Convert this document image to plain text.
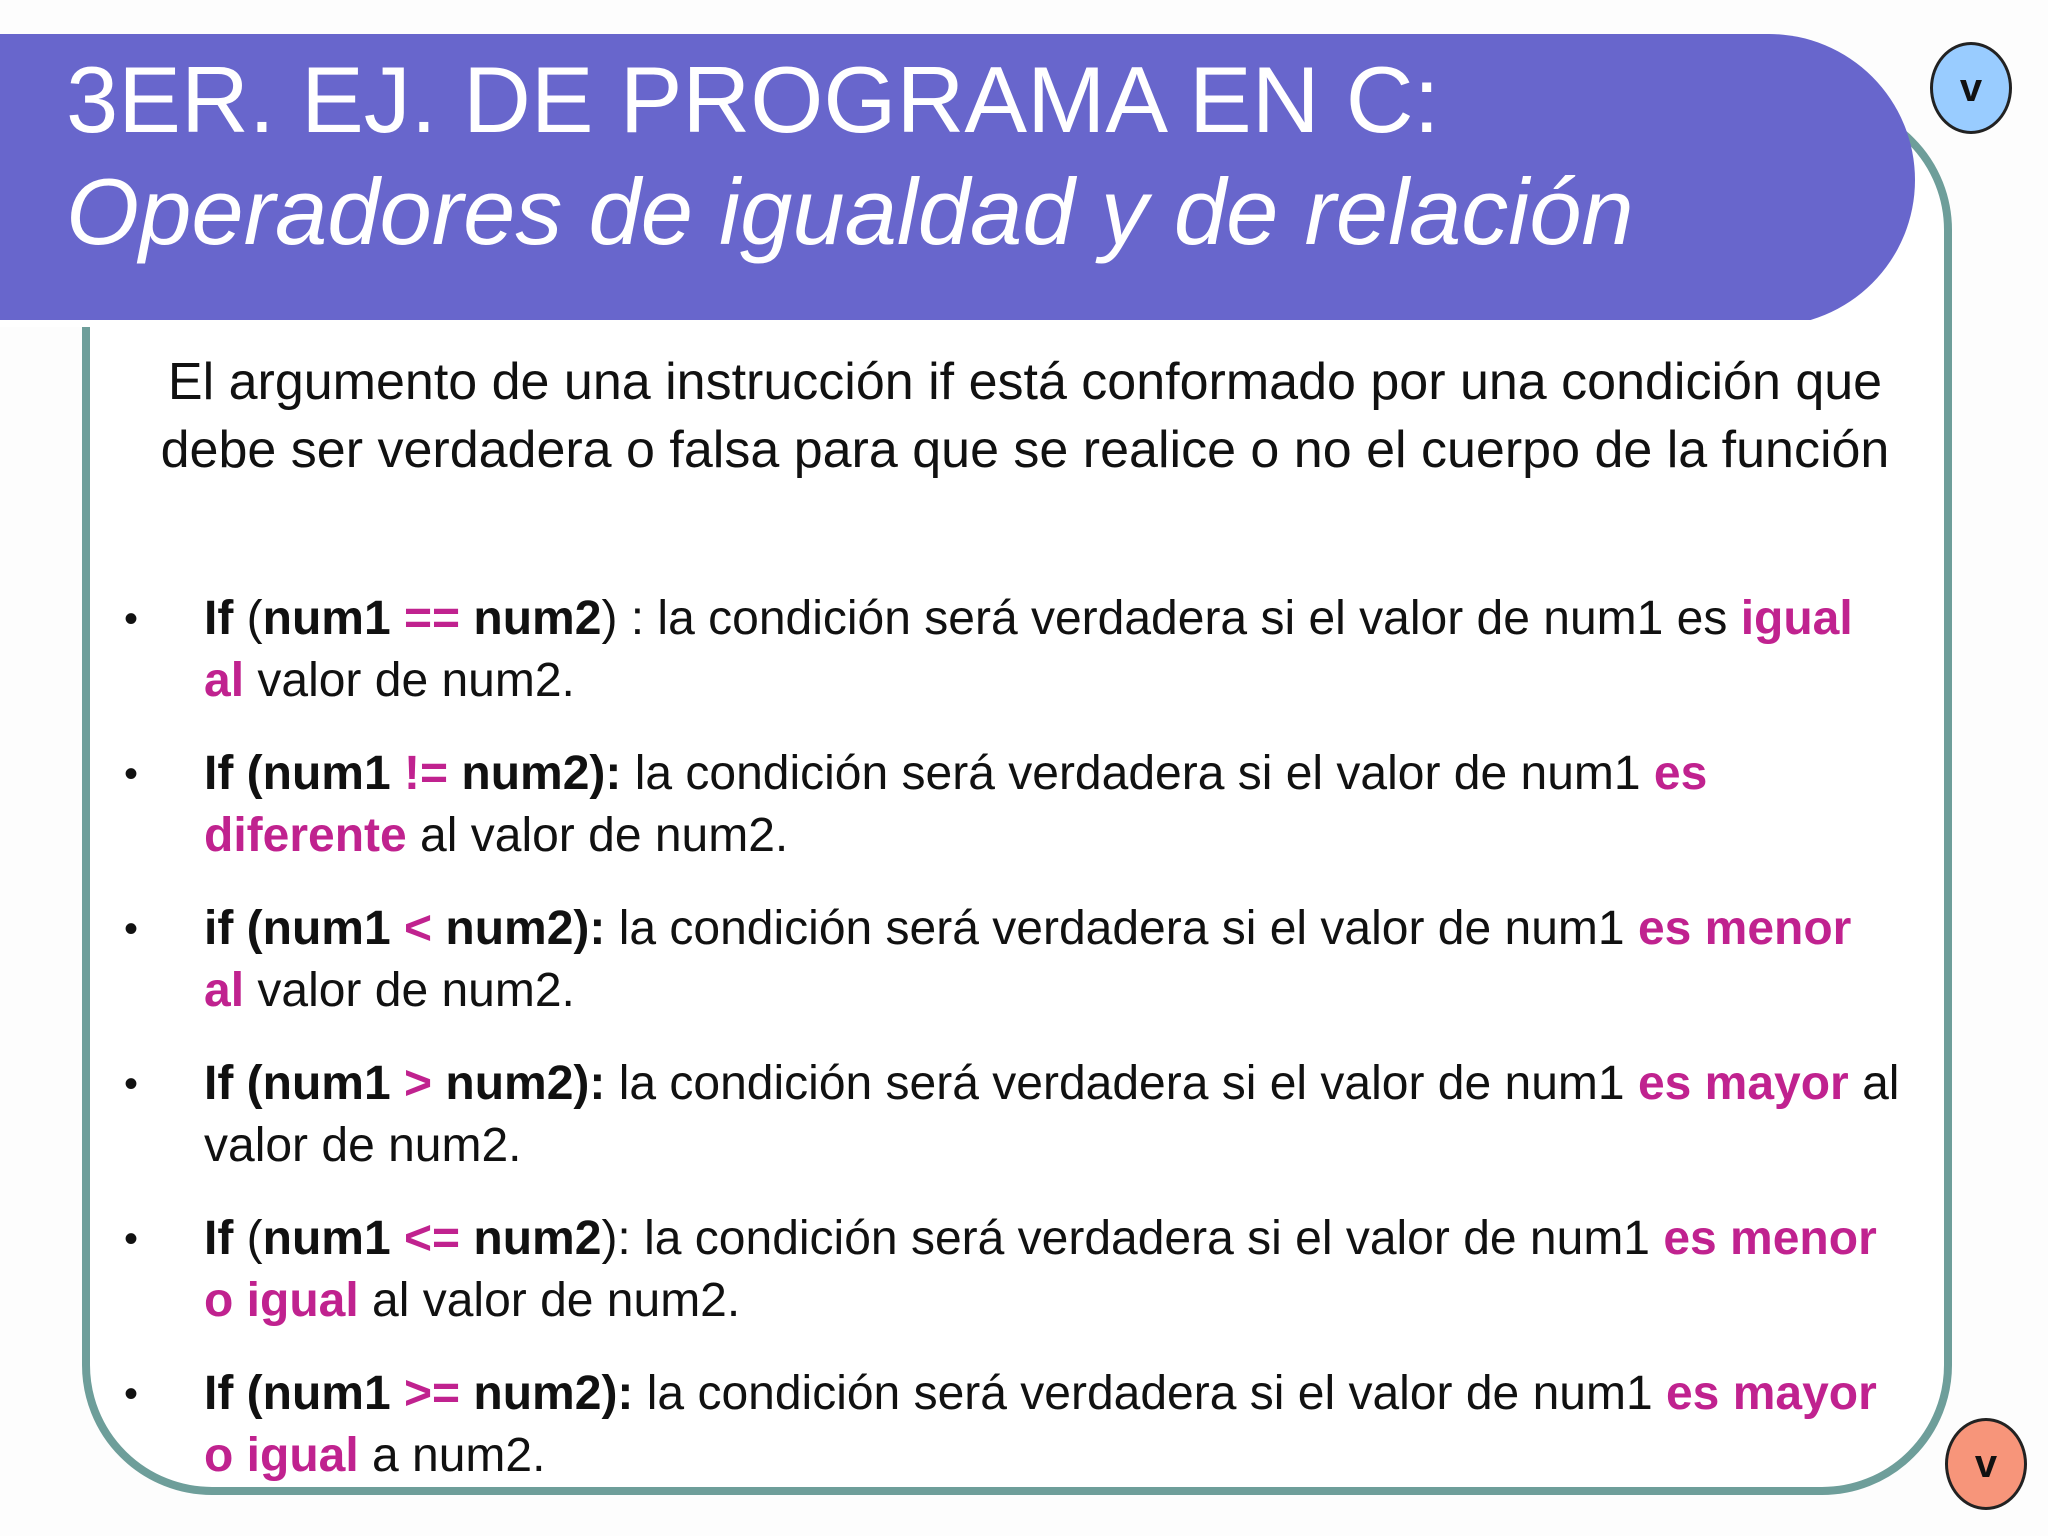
3ER. EJ. DE PROGRAMA EN C:
Operadores de igualdad y de relación
v
v
El argumento de una instrucción if está conformado por una condición que debe ser verdadera o falsa para que se realice o no el cuerpo de la función
• If (num1 == num2) : la condición será verdadera si el valor de num1 es igual al valor de num2.
• If (num1 != num2): la condición será verdadera si el valor de num1 es diferente al valor de num2.
• if (num1 < num2): la condición será verdadera si el valor de num1 es menor al valor de num2.
• If (num1 > num2): la condición será verdadera si el valor de num1 es mayor al valor de num2.
• If (num1 <= num2): la condición será verdadera si el valor de num1 es menor o igual al valor de num2.
• If (num1 >= num2): la condición será verdadera si el valor de num1 es mayor o igual a num2.
